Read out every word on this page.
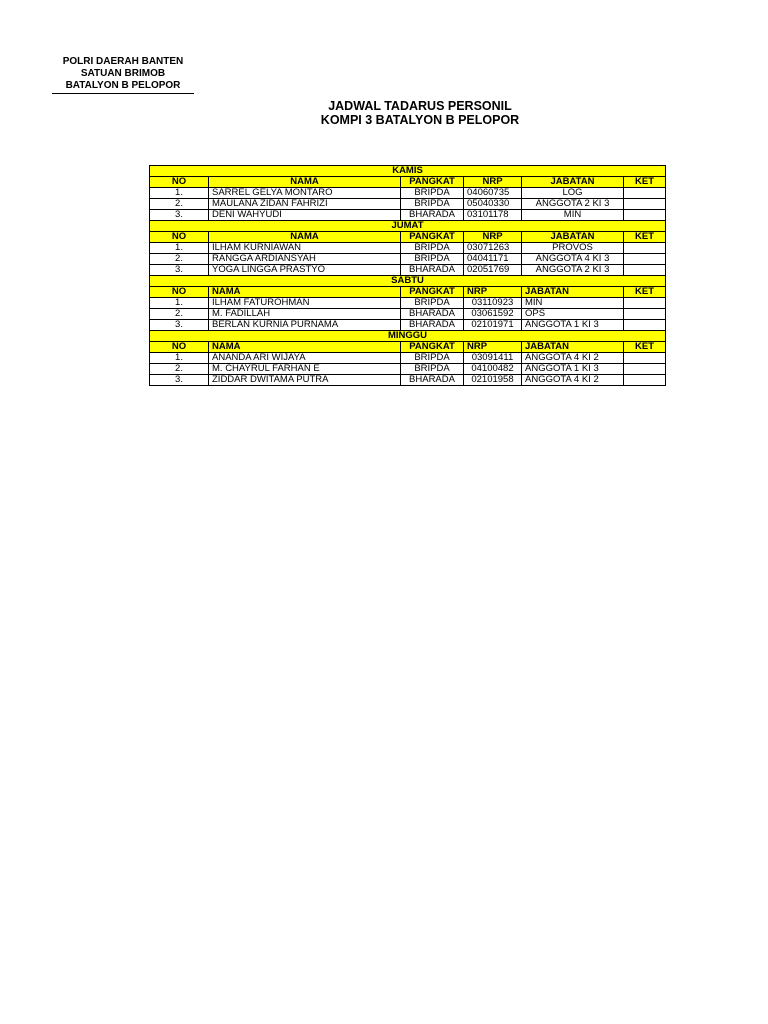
POLRI DAERAH BANTEN
SATUAN BRIMOB
BATALYON B PELOPOR
JADWAL TADARUS PERSONIL
KOMPI 3 BATALYON B PELOPOR
KAMIS					
NO	NAMA	PANGKAT	NRP	JABATAN	KET
1.	SARREL GELYA MONTARO	BRIPDA	04060735	LOG	
2.	MAULANA ZIDAN FAHRIZI	BRIPDA	05040330	ANGGOTA 2 KI 3	
3.	DENI WAHYUDI	BHARADA	03101178	MIN	
JUMAT					
NO	NAMA	PANGKAT	NRP	JABATAN	KET
1.	ILHAM KURNIAWAN	BRIPDA	03071263	PROVOS	
2.	RANGGA ARDIANSYAH	BRIPDA	04041171	ANGGOTA 4 KI 3	
3.	YOGA LINGGA PRASTYO	BHARADA	02051769	ANGGOTA 2 KI 3	
SABTU					
NO	NAMA	PANGKAT	NRP	JABATAN	KET
1.	ILHAM FATUROHMAN	BRIPDA	03110923	MIN	
2.	M. FADILLAH	BHARADA	03061592	OPS	
3.	BERLAN KURNIA PURNAMA	BHARADA	02101971	ANGGOTA 1 KI 3	
MINGGU					
NO	NAMA	PANGKAT	NRP	JABATAN	KET
1.	ANANDA ARI WIJAYA	BRIPDA	03091411	ANGGOTA 4 KI 2	
2.	M. CHAYRUL FARHAN E	BRIPDA	04100482	ANGGOTA 1 KI 3	
3.	ZIDDAR DWITAMA PUTRA	BHARADA	02101958	ANGGOTA 4 KI 2	
